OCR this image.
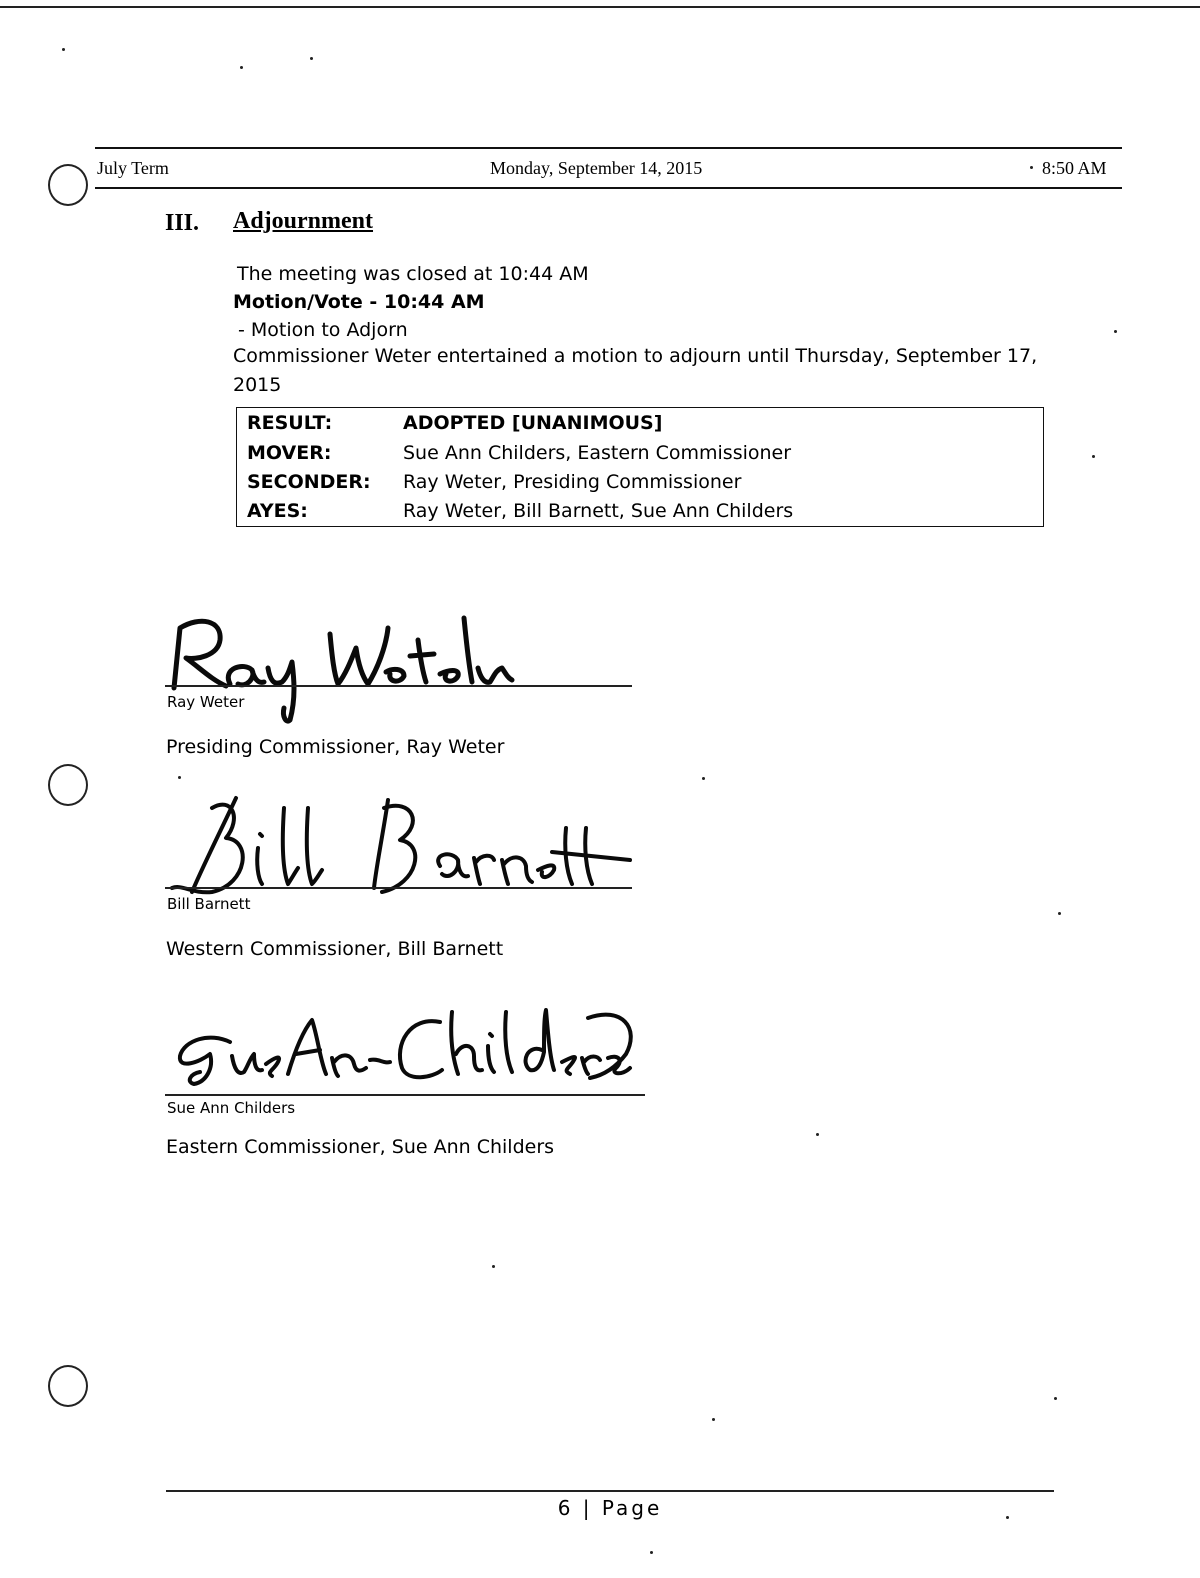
July Term	Monday, September 14, 2015	8:50 AM
III. Adjournment
The meeting was closed at 10:44 AM
Motion/Vote - 10:44 AM
- Motion to Adjorn
Commissioner Weter entertained a motion to adjourn until Thursday, September 17,
2015
RESULT:	ADOPTED [UNANIMOUS]
MOVER:	Sue Ann Childers, Eastern Commissioner
SECONDER: Ray Weter, Presiding Commissioner
AYES:	Ray Weter, Bill Barnett, Sue Ann Childers
Ray Weter
Presiding Commissioner, Ray Weter
Bill Barnett
Western Commissioner, Bill Barnett
Sue Ann Childers
Eastern Commissioner, Sue Ann Childers
6 | Page
